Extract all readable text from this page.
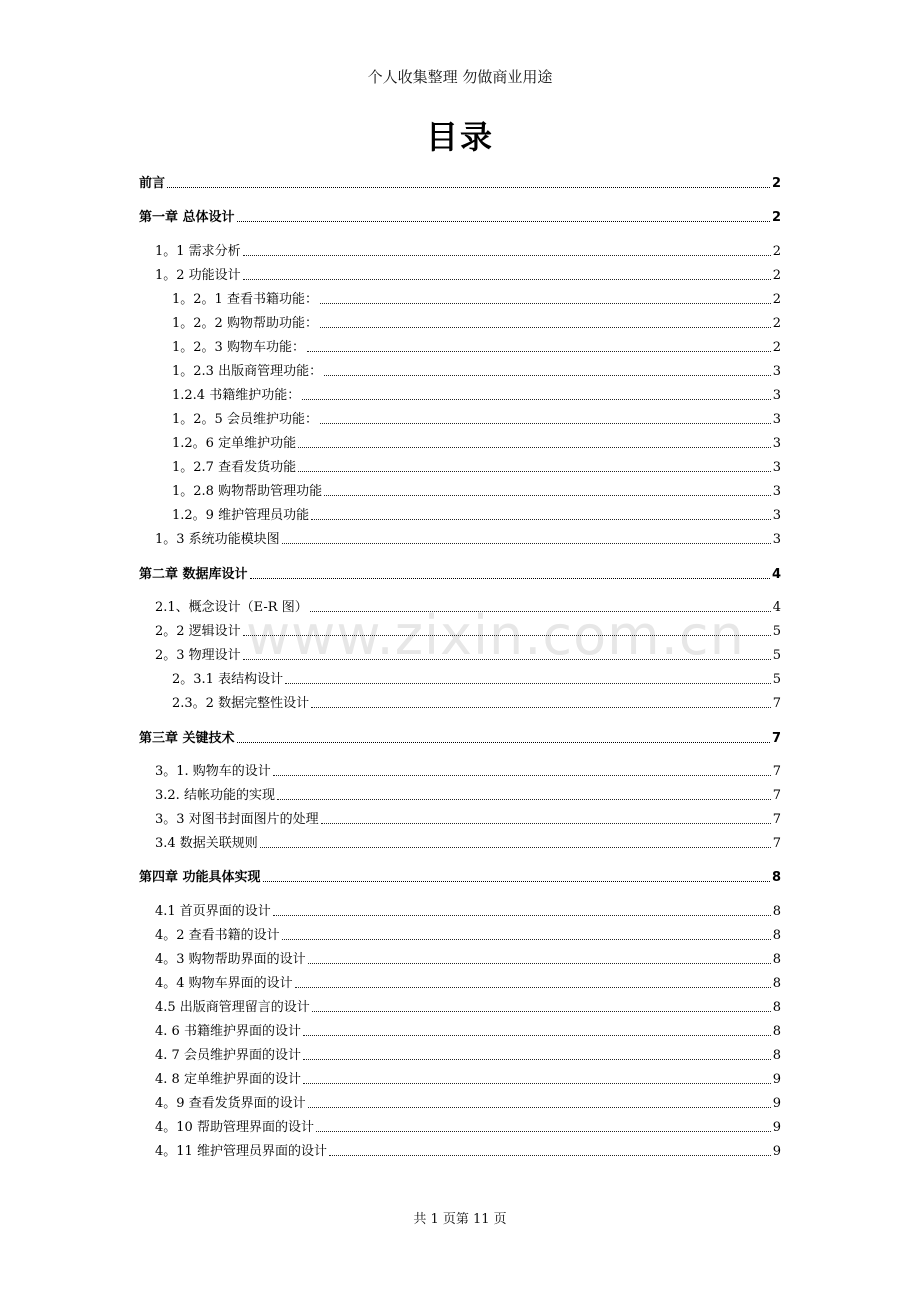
个人收集整理 勿做商业用途
目录
www.zixin.com.cn
前言	2
第一章 总体设计	2
1。1 需求分析	2
1。2 功能设计	2
1。2。1 查看书籍功能：	2
1。2。2 购物帮助功能：	2
1。2。3 购物车功能：	2
1。2.3 出版商管理功能：	3
1.2.4 书籍维护功能：	3
1。2。5 会员维护功能：	3
1.2。6 定单维护功能	3
1。2.7 查看发货功能	3
1。2.8 购物帮助管理功能	3
1.2。9 维护管理员功能	3
1。3 系统功能模块图	3
第二章 数据库设计	4
2.1、概念设计（E-R 图）	4
2。2 逻辑设计	5
2。3 物理设计	5
2。3.1 表结构设计	5
2.3。2 数据完整性设计	7
第三章 关键技术	7
3。1. 购物车的设计	7
3.2. 结帐功能的实现	7
3。3 对图书封面图片的处理	7
3.4 数据关联规则	7
第四章 功能具体实现	8
4.1 首页界面的设计	8
4。2 查看书籍的设计	8
4。3 购物帮助界面的设计	8
4。4 购物车界面的设计	8
4.5 出版商管理留言的设计	8
4. 6 书籍维护界面的设计	8
4. 7 会员维护界面的设计	8
4. 8 定单维护界面的设计	9
4。9 查看发货界面的设计	9
4。10 帮助管理界面的设计	9
4。11 维护管理员界面的设计	9
共 1 页第 11 页
